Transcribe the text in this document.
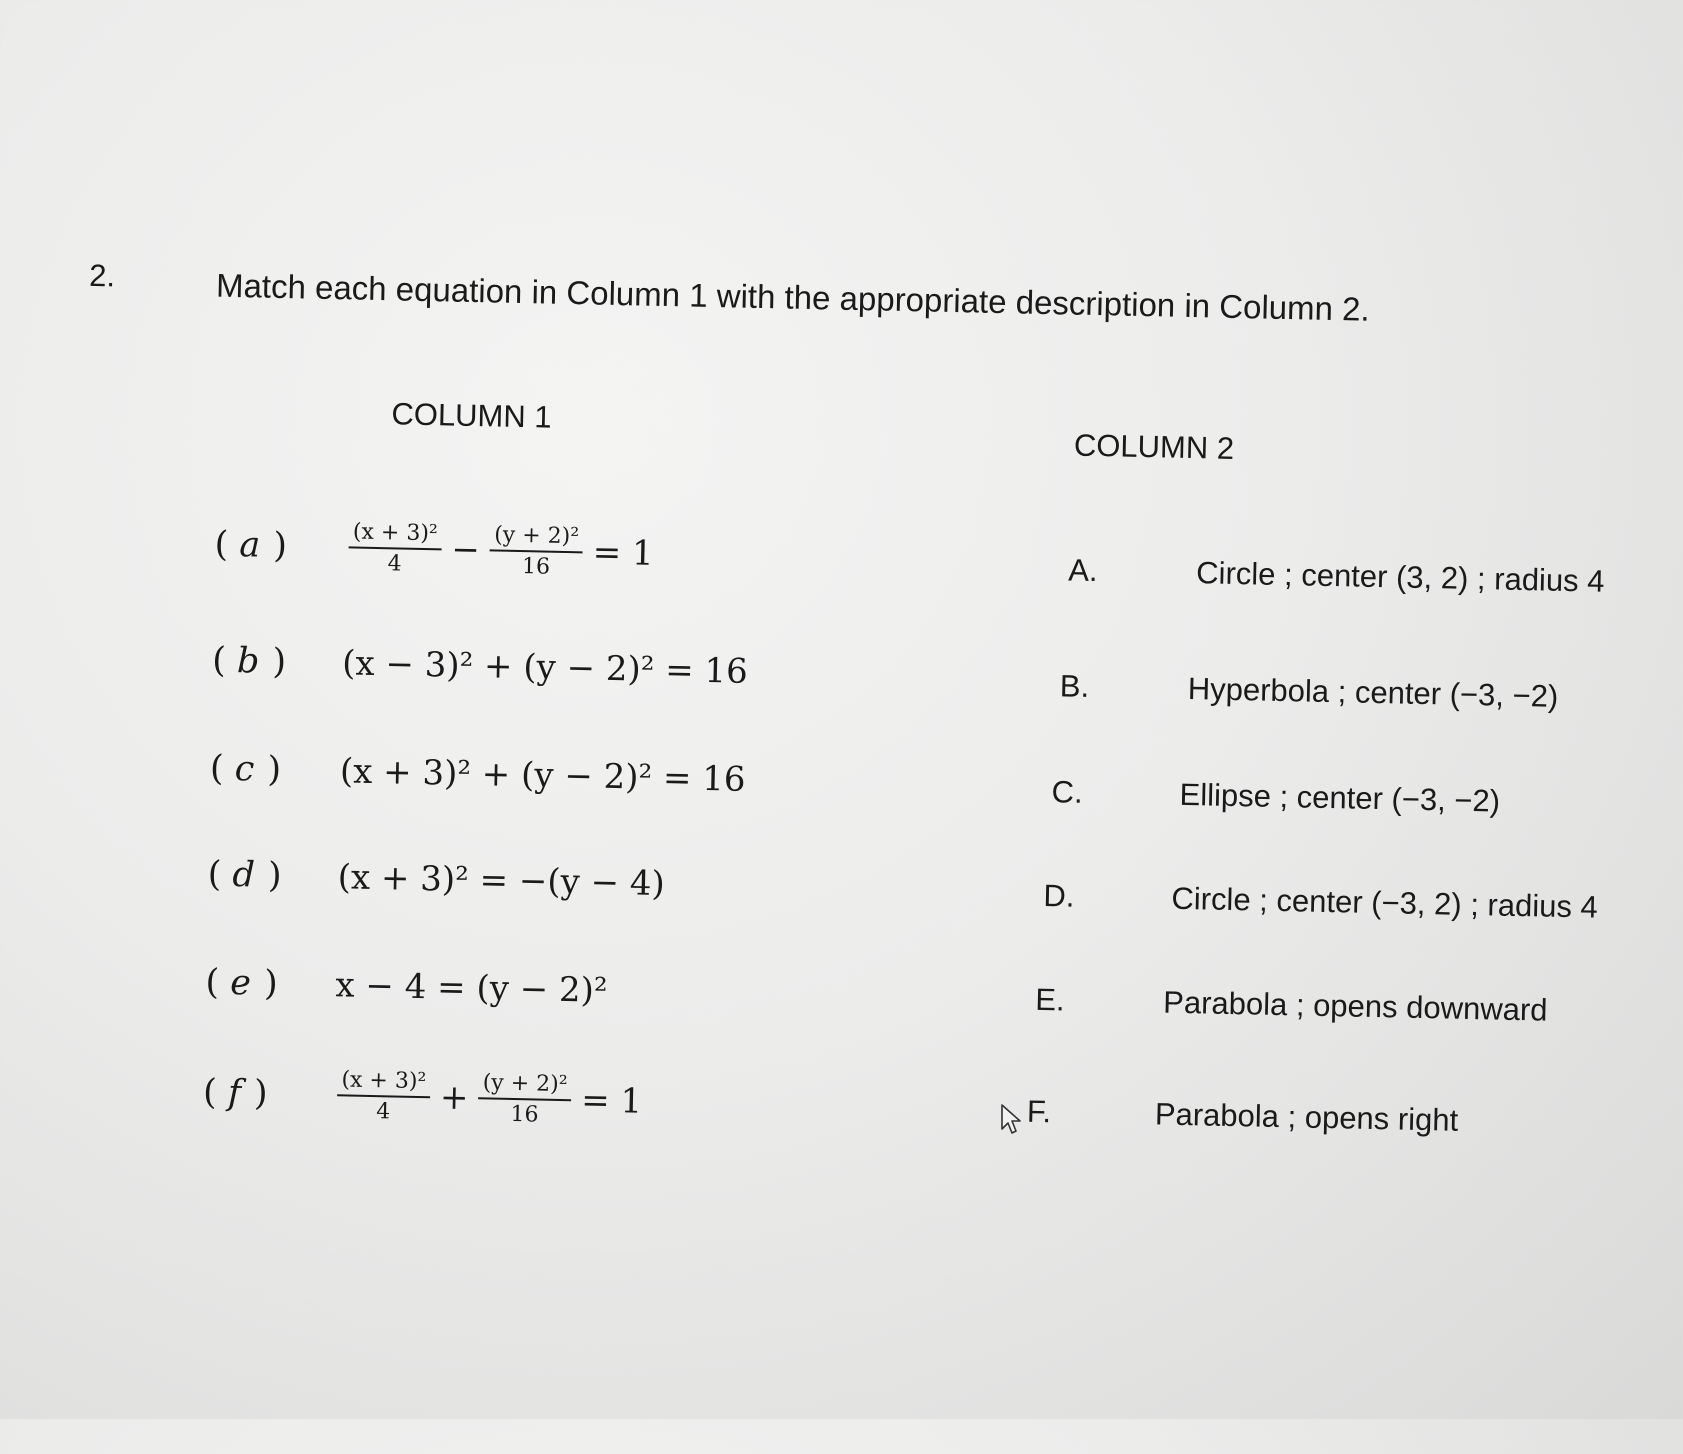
2.	Match each equation in Column 1 with the appropriate description in Column 2.
COLUMN 1
COLUMN 2
( a )	$\frac{\text{(x + 3)²}}{4} - \frac{\text{(y + 2)²}}{16} = 1$
( b )	(x − 3)² + (y − 2)² = 16
( c )	(x + 3)² + (y − 2)² = 16
( d )	(x + 3)² = −(y − 4)
( e )	x − 4 = (y − 2)²
( f )	$\frac{\text{(x + 3)²}}{4} + \frac{\text{(y + 2)²}}{16} = 1$
A.	Circle ; center (3, 2) ; radius 4
B.	Hyperbola ; center (−3, −2)
C.	Ellipse ; center (−3, −2)
D.	Circle ; center (−3, 2) ; radius 4
E.	Parabola ; opens downward
F.	Parabola ; opens right
